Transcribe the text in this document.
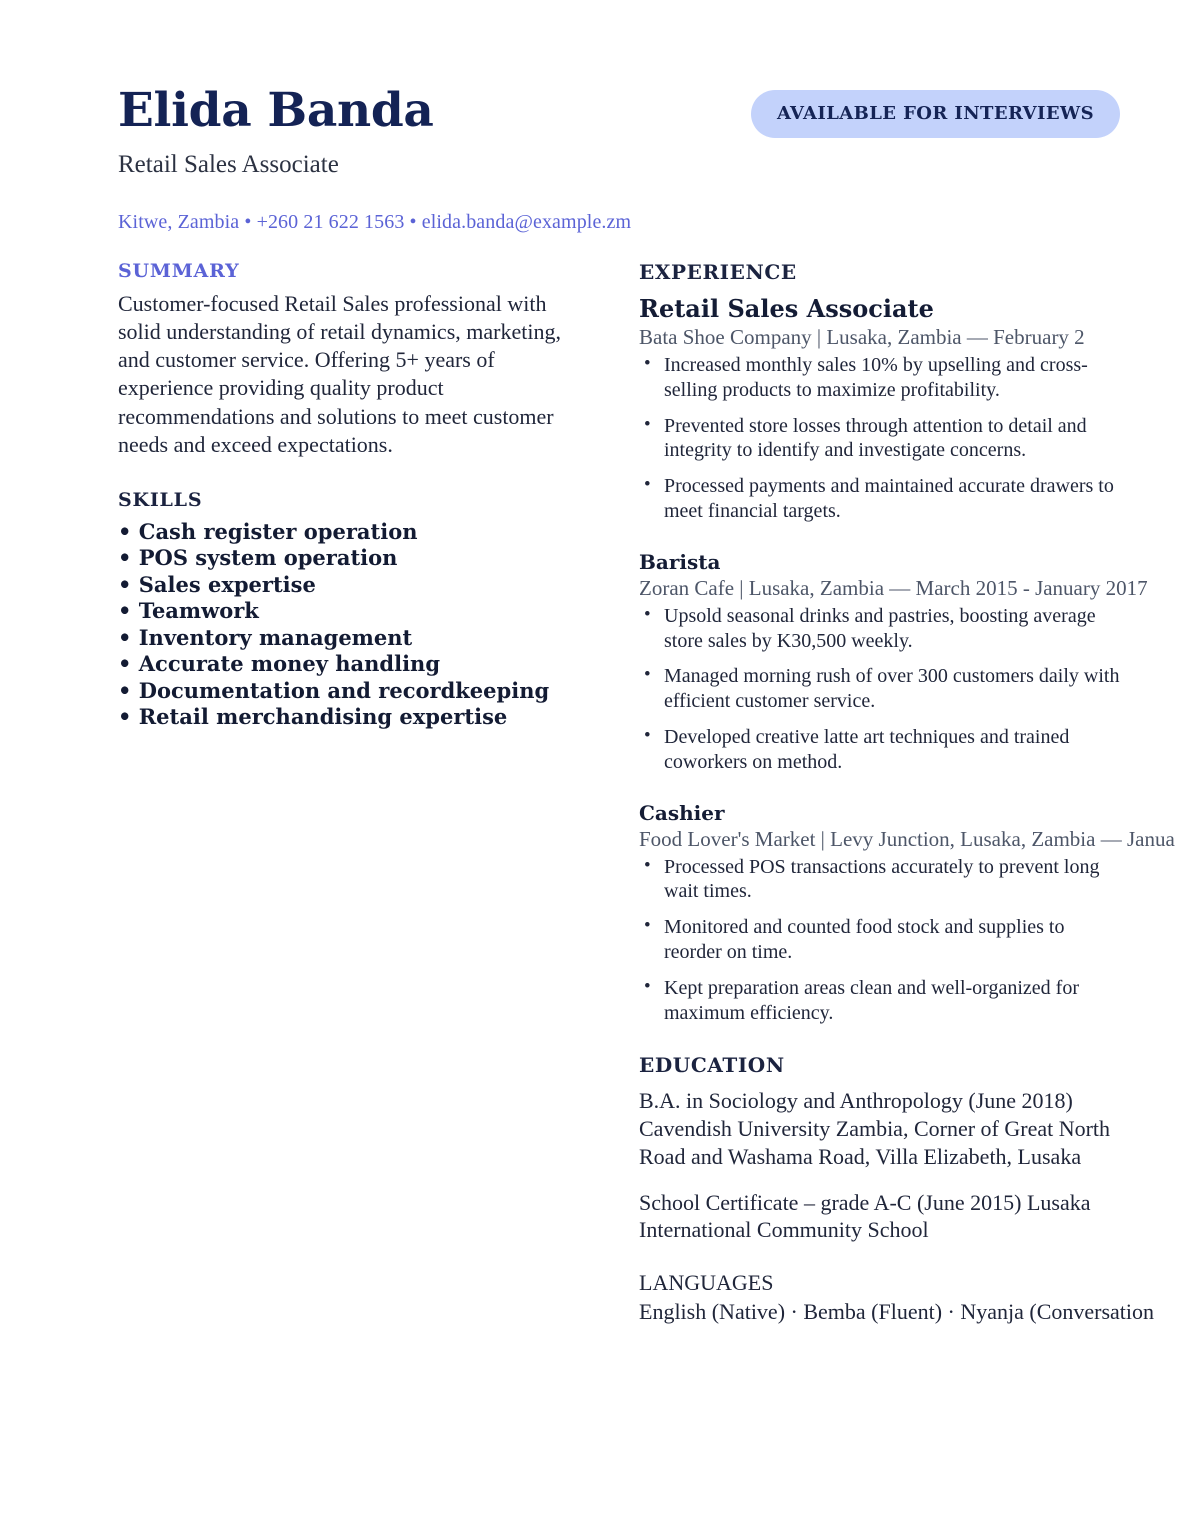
Elida Banda
Retail Sales Associate
Kitwe, Zambia • +260 21 622 1563 • elida.banda@example.zm
AVAILABLE FOR INTERVIEWS
SUMMARY
Customer-focused Retail Sales professional with solid understanding of retail dynamics, marketing, and customer service. Offering 5+ years of experience providing quality product recommendations and solutions to meet customer needs and exceed expectations.
SKILLS
• Cash register operation
• POS system operation
• Sales expertise
• Teamwork
• Inventory management
• Accurate money handling
• Documentation and recordkeeping
• Retail merchandising expertise
EXPERIENCE
Retail Sales Associate
Bata Shoe Company | Lusaka, Zambia — February 2
• Increased monthly sales 10% by upselling and cross-selling products to maximize profitability.
• Prevented store losses through attention to detail and integrity to identify and investigate concerns.
• Processed payments and maintained accurate drawers to meet financial targets.
Barista
Zoran Cafe | Lusaka, Zambia — March 2015 - January 2017
• Upsold seasonal drinks and pastries, boosting average store sales by K30,500 weekly.
• Managed morning rush of over 300 customers daily with efficient customer service.
• Developed creative latte art techniques and trained coworkers on method.
Cashier
Food Lover's Market | Levy Junction, Lusaka, Zambia — Janua
• Processed POS transactions accurately to prevent long wait times.
• Monitored and counted food stock and supplies to reorder on time.
• Kept preparation areas clean and well-organized for maximum efficiency.
EDUCATION
B.A. in Sociology and Anthropology (June 2018) Cavendish University Zambia, Corner of Great North Road and Washama Road, Villa Elizabeth, Lusaka
School Certificate – grade A-C (June 2015) Lusaka International Community School
LANGUAGES
English (Native) · Bemba (Fluent) · Nyanja (Conversation
